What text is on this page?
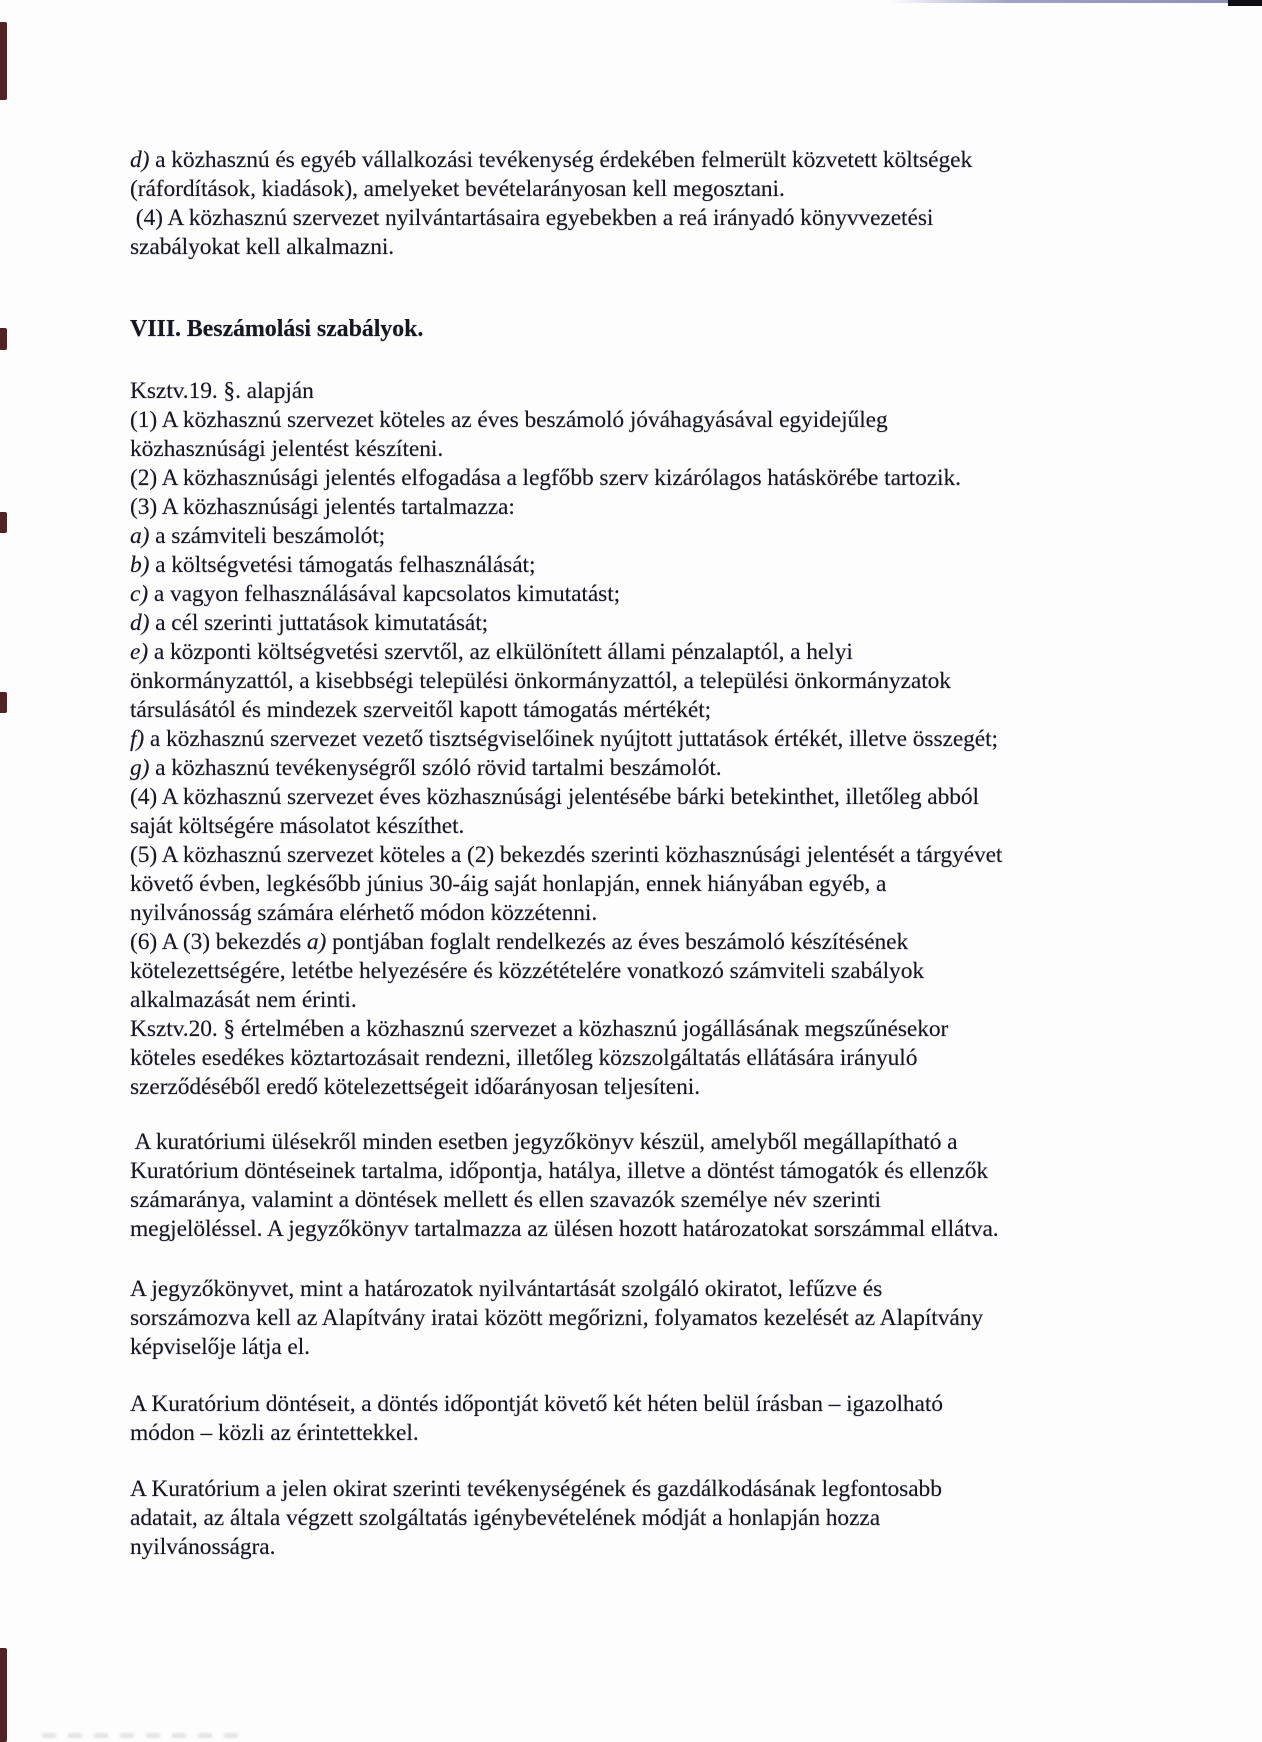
d) a közhasznú és egyéb vállalkozási tevékenység érdekében felmerült közvetett költségek
(ráfordítások, kiadások), amelyeket bevételarányosan kell megosztani.
(4) A közhasznú szervezet nyilvántartásaira egyebekben a reá irányadó könyvvezetési
szabályokat kell alkalmazni.
VIII. Beszámolási szabályok.
Ksztv.19. §. alapján
(1) A közhasznú szervezet köteles az éves beszámoló jóváhagyásával egyidejűleg
közhasznúsági jelentést készíteni.
(2) A közhasznúsági jelentés elfogadása a legfőbb szerv kizárólagos hatáskörébe tartozik.
(3) A közhasznúsági jelentés tartalmazza:
a) a számviteli beszámolót;
b) a költségvetési támogatás felhasználását;
c) a vagyon felhasználásával kapcsolatos kimutatást;
d) a cél szerinti juttatások kimutatását;
e) a központi költségvetési szervtől, az elkülönített állami pénzalaptól, a helyi
önkormányzattól, a kisebbségi települési önkormányzattól, a települési önkormányzatok
társulásától és mindezek szerveitől kapott támogatás mértékét;
f) a közhasznú szervezet vezető tisztségviselőinek nyújtott juttatások értékét, illetve összegét;
g) a közhasznú tevékenységről szóló rövid tartalmi beszámolót.
(4) A közhasznú szervezet éves közhasznúsági jelentésébe bárki betekinthet, illetőleg abból
saját költségére másolatot készíthet.
(5) A közhasznú szervezet köteles a (2) bekezdés szerinti közhasznúsági jelentését a tárgyévet
követő évben, legkésőbb június 30-áig saját honlapján, ennek hiányában egyéb, a
nyilvánosság számára elérhető módon közzétenni.
(6) A (3) bekezdés a) pontjában foglalt rendelkezés az éves beszámoló készítésének
kötelezettségére, letétbe helyezésére és közzétételére vonatkozó számviteli szabályok
alkalmazását nem érinti.
Ksztv.20. § értelmében a közhasznú szervezet a közhasznú jogállásának megszűnésekor
köteles esedékes köztartozásait rendezni, illetőleg közszolgáltatás ellátására irányuló
szerződéséből eredő kötelezettségeit időarányosan teljesíteni.
A kuratóriumi ülésekről minden esetben jegyzőkönyv készül, amelyből megállapítható a
Kuratórium döntéseinek tartalma, időpontja, hatálya, illetve a döntést támogatók és ellenzők
számaránya, valamint a döntések mellett és ellen szavazók személye név szerinti
megjelöléssel. A jegyzőkönyv tartalmazza az ülésen hozott határozatokat sorszámmal ellátva.
A jegyzőkönyvet, mint a határozatok nyilvántartását szolgáló okiratot, lefűzve és
sorszámozva kell az Alapítvány iratai között megőrizni, folyamatos kezelését az Alapítvány
képviselője látja el.
A Kuratórium döntéseit, a döntés időpontját követő két héten belül írásban – igazolható
módon – közli az érintettekkel.
A Kuratórium a jelen okirat szerinti tevékenységének és gazdálkodásának legfontosabb
adatait, az általa végzett szolgáltatás igénybevételének módját a honlapján hozza
nyilvánosságra.
